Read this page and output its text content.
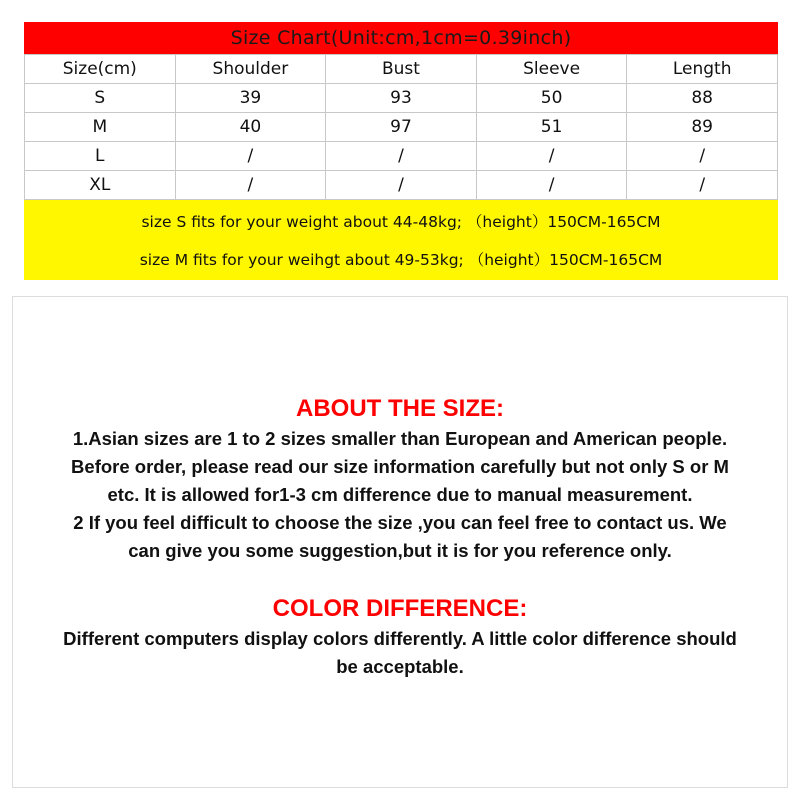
Size Chart(Unit:cm,1cm=0.39inch)
Size(cm)	Shoulder	Bust	Sleeve	Length
S	39	93	50	88
M	40	97	51	89
L	/	/	/	/
XL	/	/	/	/
size S fits for your weight about 44-48kg; （height）150CM-165CM
size M fits for your weihgt about 49-53kg; （height）150CM-165CM
ABOUT THE SIZE:
1.Asian sizes are 1 to 2 sizes smaller than European and American people.
Before order, please read our size information carefully but not only S or M
etc. It is allowed for1-3 cm difference due to manual measurement.
2 If you feel difficult to choose the size ,you can feel free to contact us. We
can give you some suggestion,but it is for you reference only.
COLOR DIFFERENCE:
Different computers display colors differently. A little color difference should
be acceptable.
